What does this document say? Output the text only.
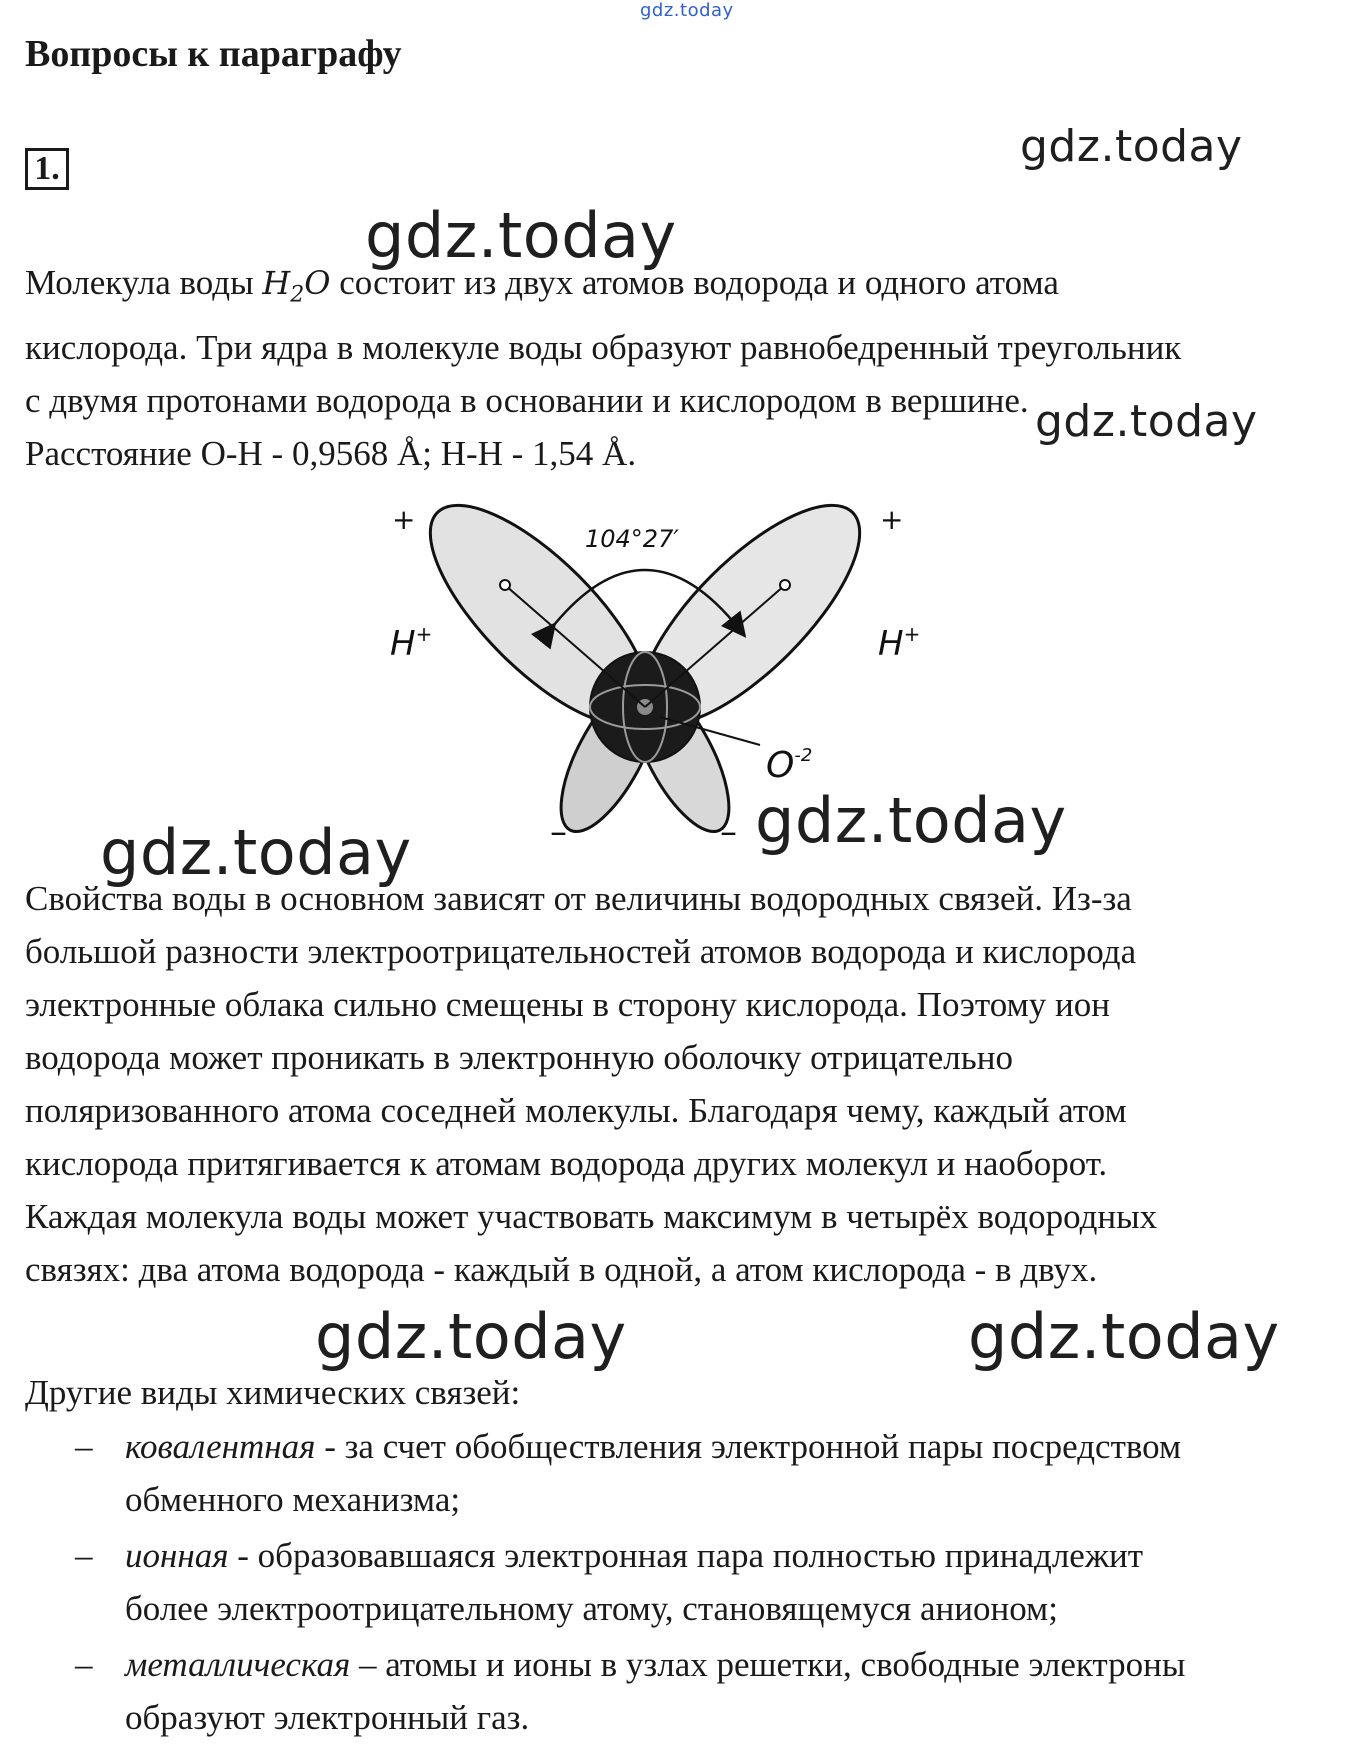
gdz.today
gdz.today
gdz.today
gdz.today
gdz.today
gdz.today
gdz.today	gdz.today
Вопросы к параграфу
1.
Молекула воды $H_2O$ состоит из двух атомов водорода и одного атома
кислорода. Три ядра в молекуле воды образуют равнобедренный треугольник
с двумя протонами водорода в основании и кислородом в вершине.
Расстояние O-H - 0,9568 Å; H-H - 1,54 Å.
104°27′
+	+
H+	H+
$O^{-2}$
–	–
Свойства воды в основном зависят от величины водородных связей. Из-за
большой разности электроотрицательностей атомов водорода и кислорода
электронные облака сильно смещены в сторону кислорода. Поэтому ион
водорода может проникать в электронную оболочку отрицательно
поляризованного атома соседней молекулы. Благодаря чему, каждый атом
кислорода притягивается к атомам водорода других молекул и наоборот.
Каждая молекула воды может участвовать максимум в четырёх водородных
связях: два атома водорода - каждый в одной, а атом кислорода - в двух.
Другие виды химических связей:
– ковалентная - за счет обобществления электронной пары посредством
обменного механизма;
– ионная - образовавшаяся электронная пара полностью принадлежит
более электроотрицательному атому, становящемуся анионом;
– металлическая – атомы и ионы в узлах решетки, свободные электроны
образуют электронный газ.
